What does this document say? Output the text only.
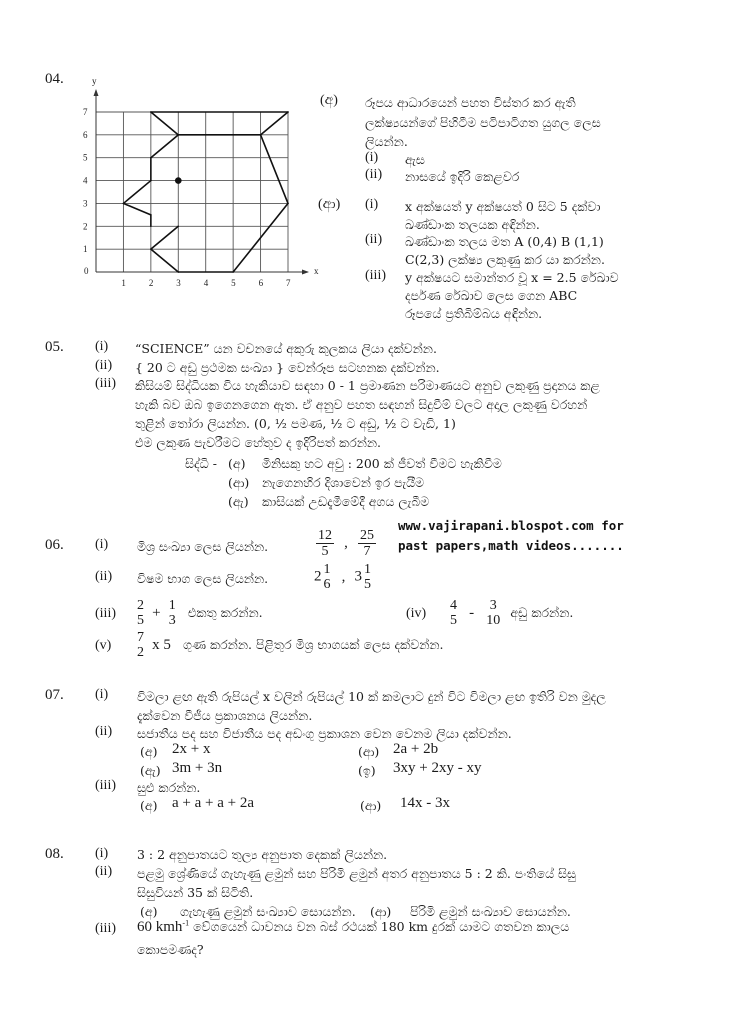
04.
0
1	2	3	4	5	6	7
1
2
3
4
5
6
7
y
x
(අ) රූපය ආධාරයෙන් පහත විස්තර කර ඇති
ලක්ෂ්‍යයන්ගේ පිහිටීම පටිපාටිගත යුගල ලෙස
ලියන්න.
(i) ඇස
(ii) නාසයේ ඉදිරි කෙළවර
(ආ) (i) x අක්ෂයත් y අක්ෂයත් 0 සිට 5 දක්වා
ඛණ්ඩාංක තලයක අඳින්න.
(ii) ඛණ්ඩාංක තලය මත A (0,4) B (1,1)
C(2,3) ලක්ෂ්‍ය ලකුණු කර යා කරන්න.
(iii) y අක්ෂයට සමාන්තර වූ x = 2.5 රේඛාව
දර්පණ රේඛාව ලෙස ගෙන ABC
රූපයේ ප්‍රතිබිම්බය අඳින්න.
05. (i) “SCIENCE” යන වචනයේ අකුරු කුලකය ලියා දක්වන්න.
(ii) { 20 ට අඩු ප්‍රථමක සංඛ්‍යා } වෙන්රූප සටහනක දක්වන්න.
(iii) කිසියම් සිද්ධියක විය හැකියාව සඳහා 0 - 1 ප්‍රමාණන පරිමාණයට අනුව ලකුණු ප්‍රදානය කළ
හැකි බව ඔබ ඉගෙනගෙන ඇත. ඒ අනුව පහත සඳහන් සිදුවීම් වලට අදාල ලකුණු වරහන්
තුළින් තෝරා ලියන්න. (0, ½ පමණ, ½ ට අඩු, ½ ට වැඩි, 1)
එම ලකුණ පැවරීමට හේතුව ද ඉදිරිපත් කරන්න.
සිද්ධි - (අ) මිනිසකු හට අවු : 200 ක් ජීවත් වීමට හැකිවීම
(ආ) නැගෙනහිර දිශාවෙන් ඉර පැයීම
(ඇ) කාසියක් උඩදැමීමේදී අගය ලැබීම
www.vajirapani.blospot.com for
past papers,math videos.......
06. (i) මිශ්‍ර සංඛ්‍යා ලෙස ලියන්න.	$\frac{12}{5}$ , $\frac{25}{7}$
(ii) විෂම භාග ලෙස ලියන්න.	2 1
6 , 3 1
5
(iii)
2
5 + 1
3
එකතු කරන්න.	(iv)
4
5 -	3
10
අඩු කරන්න.
(v)
7
2 x 5 ගුණ කරන්න. පිළිතුර මිශ්‍ර භාගයක් ලෙස දක්වන්න.
07. (i) විමලා ළඟ ඇති රුපියල් x වලින් රුපියල් 10 ක් කමලාට දුන් විට විමලා ළඟ ඉතිරි වන මුදල
දැක්වෙන වීජීය ප්‍රකාශනය ලියන්න.
(ii) සජාතීය පද සහ විජාතීය පද අඩංගු ප්‍රකාශන වෙන වෙනම ලියා දක්වන්න.
(අ) 2x + x	(ආ) 2a + 2b
(ඇ) 3m + 3n	(ඉ) 3xy + 2xy - xy
(iii) සුළු කරන්න.
(අ) a + a + a + 2a	(ආ) 14x - 3x
08. (i) 3 : 2 අනුපාතයට තුල්‍ය අනුපාත දෙකක් ලියන්න.
(ii) පළමු ශ්‍රේණියේ ගැහැණු ළමුන් සහ පිරිමි ළමුන් අතර අනුපාතය 5 : 2 කි. පංතියේ සිසු
සිසුවියන් 35 ක් සිටිති.
(අ) ගැහැණු ළමුන් සංඛ්‍යාව සොයන්න. (ආ) පිරිමි ළමුන් සංඛ්‍යාව සොයන්න.
(iii) 60 kmh$^{-1}$ වේගයෙන් ධාවනය වන බස් රථයක් 180 km දුරක් යාමට ගතවන කාලය
කොපමණද?
